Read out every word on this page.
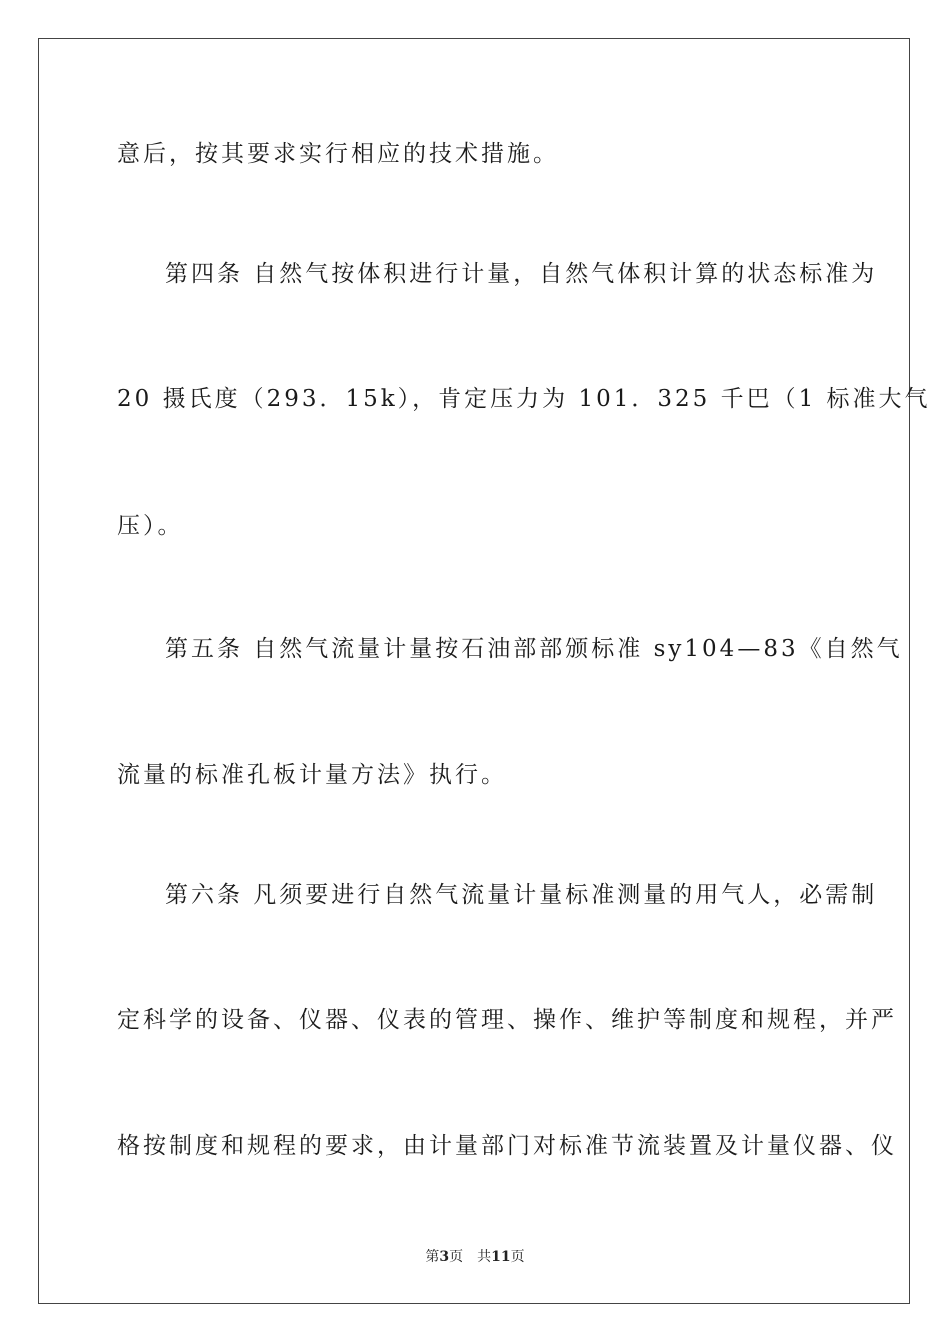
意后，按其要求实行相应的技术措施。
第四条 自然气按体积进行计量，自然气体积计算的状态标准为
20 摄氏度（293．15k），肯定压力为 101．325 千巴（1 标准大气
压）。
第五条 自然气流量计量按石油部部颁标准 sy104—83《自然气
流量的标准孔板计量方法》执行。
第六条 凡须要进行自然气流量计量标准测量的用气人，必需制
定科学的设备、仪器、仪表的管理、操作、维护等制度和规程，并严
格按制度和规程的要求，由计量部门对标准节流装置及计量仪器、仪
第3页 共11页
